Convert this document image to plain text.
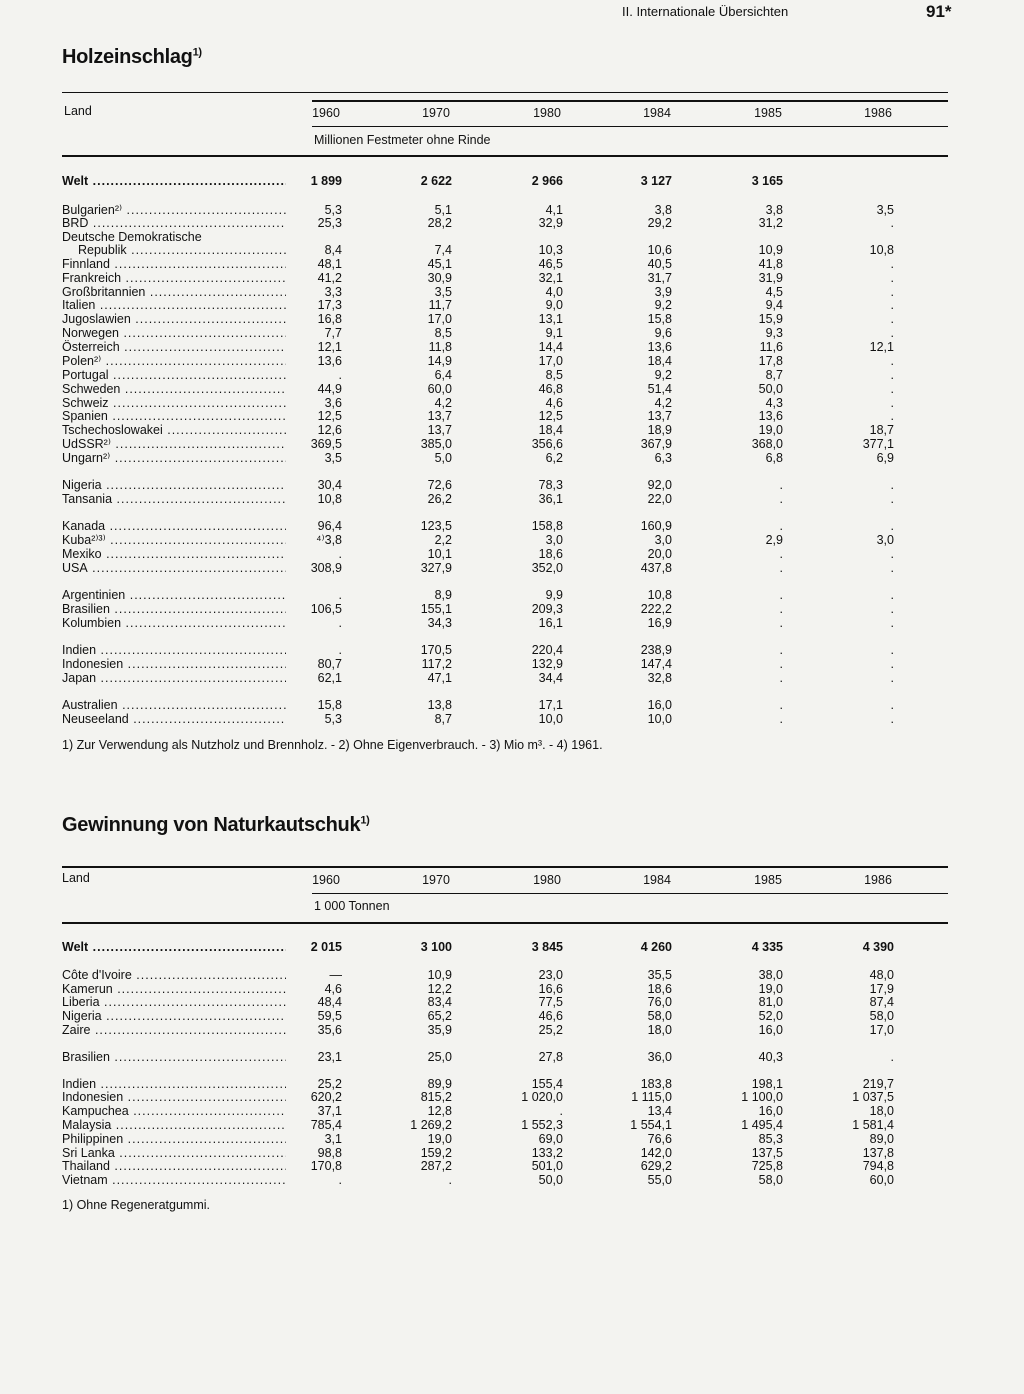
II. Internationale Übersichten	91*
Holzeinschlag$^{1)}$
Land	1960	1970	1980	1984	1985	1986
Millionen Festmeter ohne Rinde
Welt .....	1 899	2 622	2 966	3 127	3 165
Bulgarien²⁾ .....	5,3	5,1	4,1	3,8	3,8	3,5
BRD .....	25,3	28,2	32,9	29,2	31,2	.
Deutsche Demokratische
Republik .....	8,4	7,4	10,3	10,6	10,9	10,8
Finnland .....	48,1	45,1	46,5	40,5	41,8	.
Frankreich .....	41,2	30,9	32,1	31,7	31,9	.
Großbritannien .....	3,3	3,5	4,0	3,9	4,5	.
Italien .....	17,3	11,7	9,0	9,2	9,4	.
Jugoslawien .....	16,8	17,0	13,1	15,8	15,9	.
Norwegen .....	7,7	8,5	9,1	9,6	9,3	.
Österreich .....	12,1	11,8	14,4	13,6	11,6	12,1
Polen²⁾ .....	13,6	14,9	17,0	18,4	17,8	.
Portugal .....	.	6,4	8,5	9,2	8,7	.
Schweden .....	44,9	60,0	46,8	51,4	50,0	.
Schweiz .....	3,6	4,2	4,6	4,2	4,3	.
Spanien .....	12,5	13,7	12,5	13,7	13,6	.
Tschechoslowakei .....	12,6	13,7	18,4	18,9	19,0	18,7
UdSSR²⁾ .....	369,5	385,0	356,6	367,9	368,0	377,1
Ungarn²⁾ .....	3,5	5,0	6,2	6,3	6,8	6,9
Nigeria .....	30,4	72,6	78,3	92,0	.	.
Tansania .....	10,8	26,2	36,1	22,0	.	.
Kanada .....	96,4	123,5	158,8	160,9	.	.
Kuba²⁾³⁾ .....	⁴⁾3,8	2,2	3,0	3,0	2,9	3,0
Mexiko .....	.	10,1	18,6	20,0	.	.
USA .....	308,9	327,9	352,0	437,8	.	.
Argentinien .....	.	8,9	9,9	10,8	.	.
Brasilien .....	106,5	155,1	209,3	222,2	.	.
Kolumbien .....	.	34,3	16,1	16,9	.	.
Indien .....	.	170,5	220,4	238,9	.	.
Indonesien .....	80,7	117,2	132,9	147,4	.	.
Japan .....	62,1	47,1	34,4	32,8	.	.
Australien .....	15,8	13,8	17,1	16,0	.	.
Neuseeland .....	5,3	8,7	10,0	10,0	.	.
1) Zur Verwendung als Nutzholz und Brennholz. - 2) Ohne Eigenverbrauch. - 3) Mio m³. - 4) 1961.
Gewinnung von Naturkautschuk$^{1)}$
Land	1960	1970	1980	1984	1985	1986
1 000 Tonnen
Welt .....	2 015	3 100	3 845	4 260	4 335	4 390
Côte d'Ivoire .....	—	10,9	23,0	35,5	38,0	48,0
Kamerun .....	4,6	12,2	16,6	18,6	19,0	17,9
Liberia .....	48,4	83,4	77,5	76,0	81,0	87,4
Nigeria .....	59,5	65,2	46,6	58,0	52,0	58,0
Zaire .....	35,6	35,9	25,2	18,0	16,0	17,0
Brasilien .....	23,1	25,0	27,8	36,0	40,3	.
Indien .....	25,2	89,9	155,4	183,8	198,1	219,7
Indonesien .....	620,2	815,2	1 020,0	1 115,0	1 100,0	1 037,5
Kampuchea .....	37,1	12,8	.	13,4	16,0	18,0
Malaysia .....	785,4	1 269,2	1 552,3	1 554,1	1 495,4	1 581,4
Philippinen .....	3,1	19,0	69,0	76,6	85,3	89,0
Sri Lanka .....	98,8	159,2	133,2	142,0	137,5	137,8
Thailand .....	170,8	287,2	501,0	629,2	725,8	794,8
Vietnam .....	.	.	50,0	55,0	58,0	60,0
1) Ohne Regeneratgummi.
